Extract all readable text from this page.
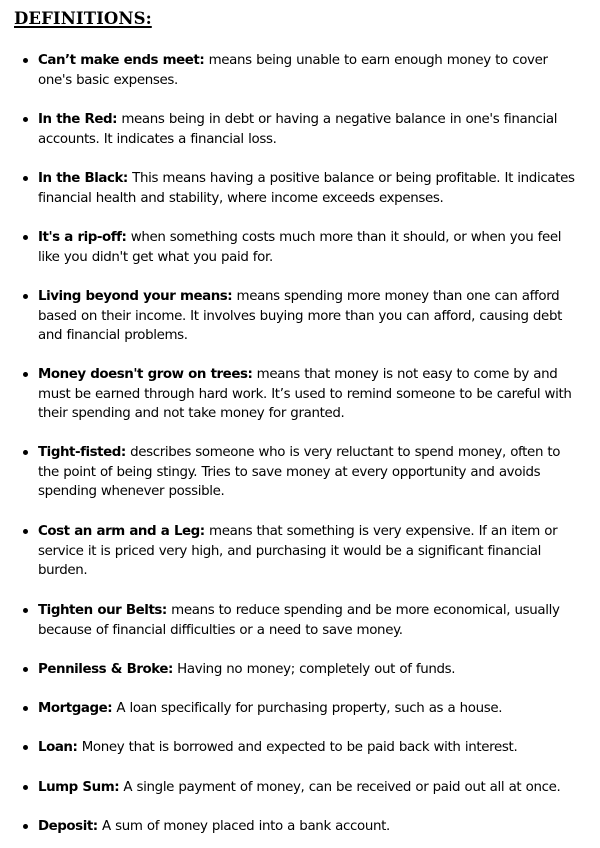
DEFINITIONS:
Can’t make ends meet: means being unable to earn enough money to cover
one's basic expenses.
In the Red: means being in debt or having a negative balance in one's financial
accounts. It indicates a financial loss.
In the Black: This means having a positive balance or being profitable. It indicates
financial health and stability, where income exceeds expenses.
It's a rip-off: when something costs much more than it should, or when you feel
like you didn't get what you paid for.
Living beyond your means: means spending more money than one can afford
based on their income. It involves buying more than you can afford, causing debt
and financial problems.
Money doesn't grow on trees: means that money is not easy to come by and
must be earned through hard work. It’s used to remind someone to be careful with
their spending and not take money for granted.
Tight-fisted: describes someone who is very reluctant to spend money, often to
the point of being stingy. Tries to save money at every opportunity and avoids
spending whenever possible.
Cost an arm and a Leg: means that something is very expensive. If an item or
service it is priced very high, and purchasing it would be a significant financial
burden.
Tighten our Belts: means to reduce spending and be more economical, usually
because of financial difficulties or a need to save money.
Penniless & Broke: Having no money; completely out of funds.
Mortgage: A loan specifically for purchasing property, such as a house.
Loan: Money that is borrowed and expected to be paid back with interest.
Lump Sum: A single payment of money, can be received or paid out all at once.
Deposit: A sum of money placed into a bank account.
